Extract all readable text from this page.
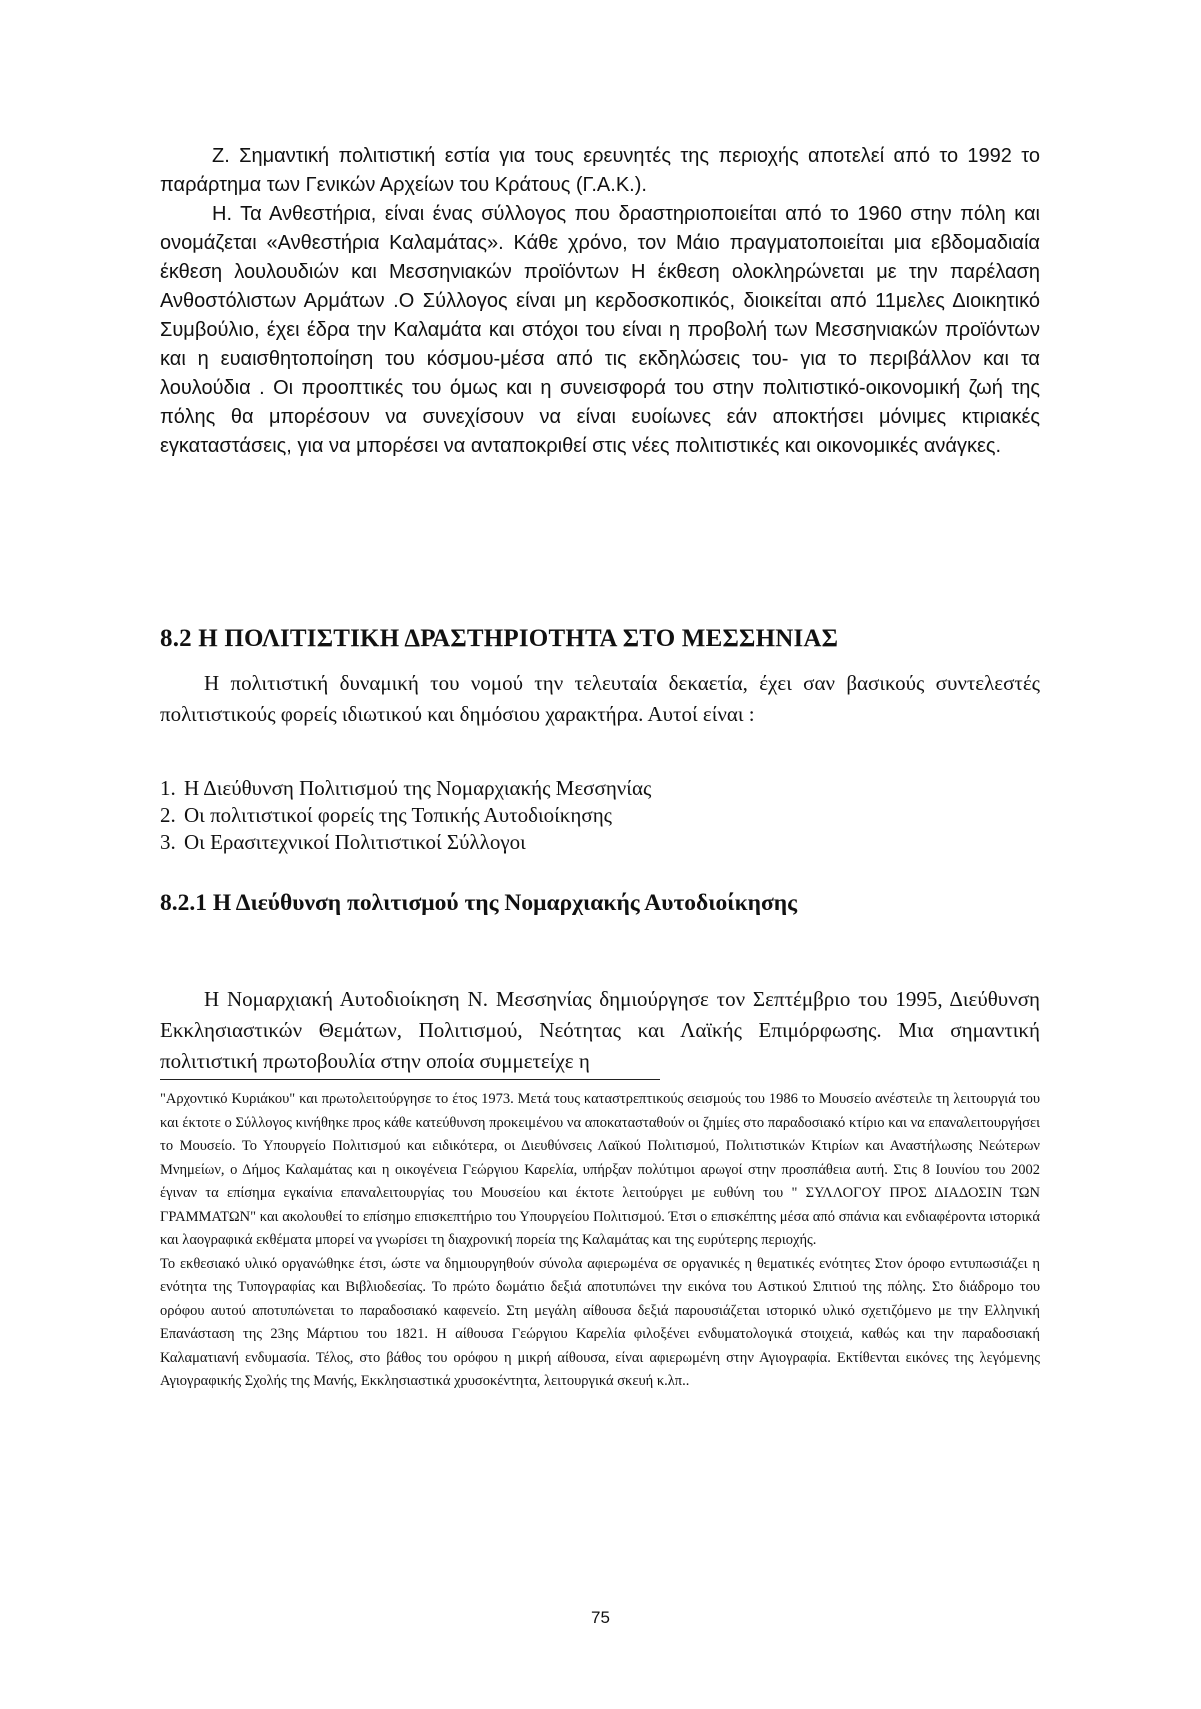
Ζ. Σημαντική πολιτιστική εστία για τους ερευνητές της περιοχής αποτελεί από το 1992 το παράρτημα των Γενικών Αρχείων του Κράτους (Γ.Α.Κ.).

Η. Τα Ανθεστήρια, είναι ένας σύλλογος που δραστηριοποιείται από το 1960 στην πόλη και ονομάζεται «Ανθεστήρια Καλαμάτας». Κάθε χρόνο, τον Μάιο πραγματοποιείται μια εβδομαδιαία έκθεση λουλουδιών και Μεσσηνιακών προϊόντων Η έκθεση ολοκληρώνεται με την παρέλαση Ανθοστόλιστων Αρμάτων .Ο Σύλλογος είναι μη κερδοσκοπικός, διοικείται από 11μελες Διοικητικό Συμβούλιο, έχει έδρα την Καλαμάτα και στόχοι του είναι η προβολή των Μεσσηνιακών προϊόντων και η ευαισθητοποίηση του κόσμου-μέσα από τις εκδηλώσεις του- για το περιβάλλον και τα λουλούδια . Οι προοπτικές του όμως και η συνεισφορά του στην πολιτιστικό-οικονομική ζωή της πόλης θα μπορέσουν να συνεχίσουν να είναι ευοίωνες εάν αποκτήσει μόνιμες κτιριακές εγκαταστάσεις, για να μπορέσει να ανταποκριθεί στις νέες πολιτιστικές και οικονομικές ανάγκες.

8.2 Η ΠΟΛΙΤΙΣΤΙΚΗ ΔΡΑΣΤΗΡΙΟΤΗΤΑ ΣΤΟ ΜΕΣΣΗΝΙΑΣ

Η πολιτιστική δυναμική του νομού την τελευταία δεκαετία, έχει σαν βασικούς συντελεστές πολιτιστικούς φορείς ιδιωτικού και δημόσιου χαρακτήρα. Αυτοί είναι :

1. Η Διεύθυνση Πολιτισμού της Νομαρχιακής Μεσσηνίας
2. Οι πολιτιστικοί φορείς της Τοπικής Αυτοδιοίκησης
3. Οι Ερασιτεχνικοί Πολιτιστικοί Σύλλογοι
8.2.1 Η Διεύθυνση πολιτισμού της Νομαρχιακής Αυτοδιοίκησης

Η Νομαρχιακή Αυτοδιοίκηση Ν. Μεσσηνίας δημιούργησε τον Σεπτέμβριο του 1995, Διεύθυνση Εκκλησιαστικών Θεμάτων, Πολιτισμού, Νεότητας και Λαϊκής Επιμόρφωσης. Μια σημαντική πολιτιστική πρωτοβουλία στην οποία συμμετείχε η

"Αρχοντικό Κυριάκου" και πρωτολειτούργησε το έτος 1973. Μετά τους καταστρεπτικούς σεισμούς του 1986 το Μουσείο ανέστειλε τη λειτουργιά του και έκτοτε ο Σύλλογος κινήθηκε προς κάθε κατεύθυνση προκειμένου να αποκατασταθούν οι ζημίες στο παραδοσιακό κτίριο και να επαναλειτουργήσει το Μουσείο. Το Υπουργείο Πολιτισμού και ειδικότερα, οι Διευθύνσεις Λαϊκού Πολιτισμού, Πολιτιστικών Κτιρίων και Αναστήλωσης Νεώτερων Μνημείων, ο Δήμος Καλαμάτας και η οικογένεια Γεώργιου Καρελία, υπήρξαν πολύτιμοι αρωγοί στην προσπάθεια αυτή. Στις 8 Ιουνίου του 2002 έγιναν τα επίσημα εγκαίνια επαναλειτουργίας του Μουσείου και έκτοτε λειτούργει με ευθύνη του " ΣΥΛΛΟΓΟΥ ΠΡΟΣ ΔΙΑΔΟΣΙΝ ΤΩΝ ΓΡΑΜΜΑΤΩΝ" και ακολουθεί το επίσημο επισκεπτήριο του Υπουργείου Πολιτισμού. Έτσι ο επισκέπτης μέσα από σπάνια και ενδιαφέροντα ιστορικά και λαογραφικά εκθέματα μπορεί να γνωρίσει τη διαχρονική πορεία της Καλαμάτας και της ευρύτερης περιοχής.

Το εκθεσιακό υλικό οργανώθηκε έτσι, ώστε να δημιουργηθούν σύνολα αφιερωμένα σε οργανικές η θεματικές ενότητες Στον όροφο εντυπωσιάζει η ενότητα της Τυπογραφίας και Βιβλιοδεσίας. Το πρώτο δωμάτιο δεξιά αποτυπώνει την εικόνα του Αστικού Σπιτιού της πόλης. Στο διάδρομο του ορόφου αυτού αποτυπώνεται το παραδοσιακό καφενείο. Στη μεγάλη αίθουσα δεξιά παρουσιάζεται ιστορικό υλικό σχετιζόμενο με την Ελληνική Επανάσταση της 23ης Μάρτιου του 1821. Η αίθουσα Γεώργιου Καρελία φιλοξένει ενδυματολογικά στοιχειά, καθώς και την παραδοσιακή Καλαματιανή ενδυμασία. Τέλος, στο βάθος του ορόφου η μικρή αίθουσα, είναι αφιερωμένη στην Αγιογραφία. Εκτίθενται εικόνες της λεγόμενης Αγιογραφικής Σχολής της Μανής, Εκκλησιαστικά χρυσοκέντητα, λειτουργικά σκευή κ.λπ..

75
